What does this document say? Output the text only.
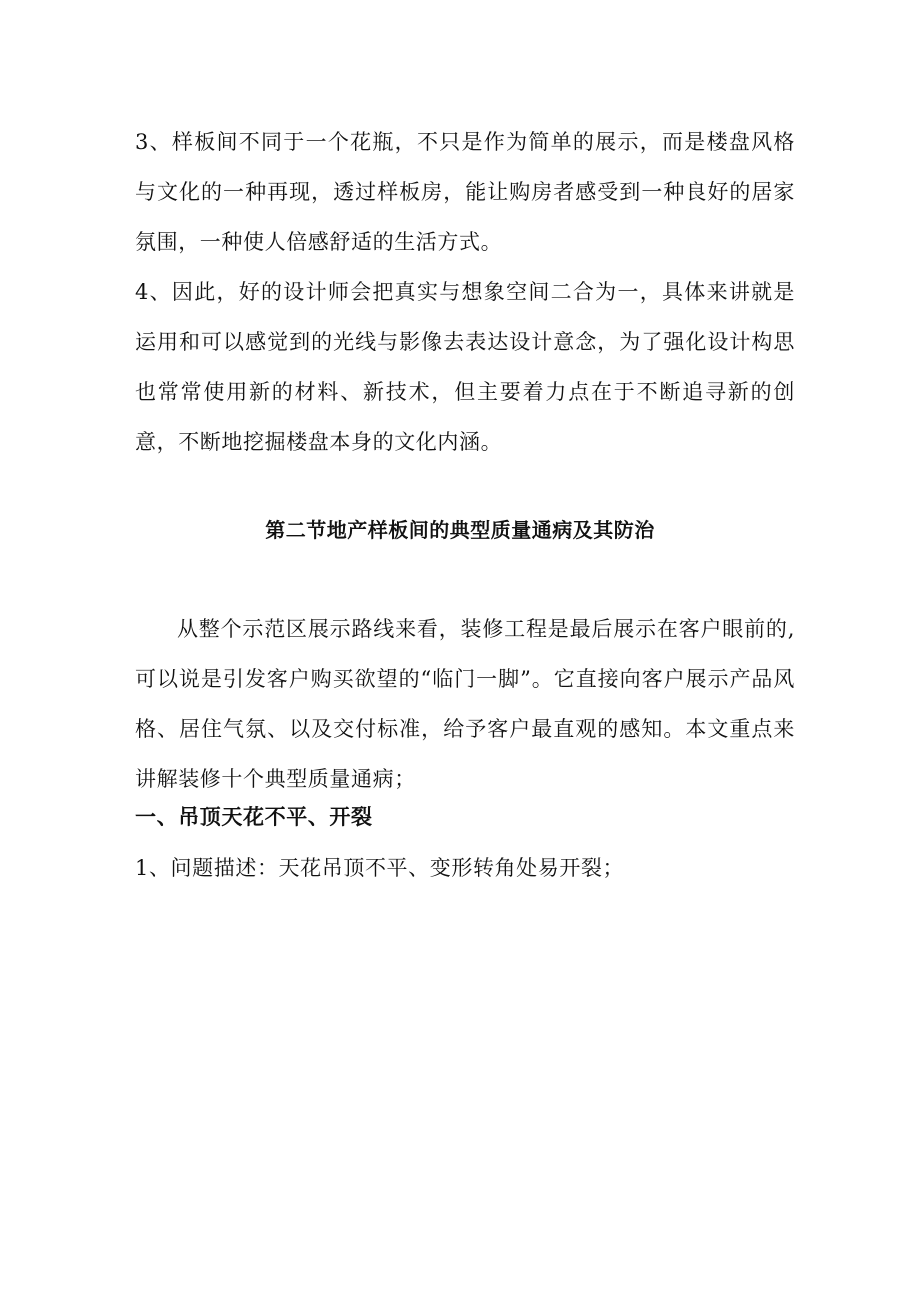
3、样板间不同于一个花瓶，不只是作为简单的展示，而是楼盘风格与文化的一种再现，透过样板房，能让购房者感受到一种良好的居家氛围，一种使人倍感舒适的生活方式。

4、因此，好的设计师会把真实与想象空间二合为一，具体来讲就是运用和可以感觉到的光线与影像去表达设计意念，为了强化设计构思也常常使用新的材料、新技术，但主要着力点在于不断追寻新的创意，不断地挖掘楼盘本身的文化内涵。

第二节地产样板间的典型质量通病及其防治

从整个示范区展示路线来看，装修工程是最后展示在客户眼前的,可以说是引发客户购买欲望的“临门一脚”。它直接向客户展示产品风格、居住气氛、以及交付标准，给予客户最直观的感知。本文重点来讲解装修十个典型质量通病；

一、吊顶天花不平、开裂

1、问题描述：天花吊顶不平、变形转角处易开裂；
